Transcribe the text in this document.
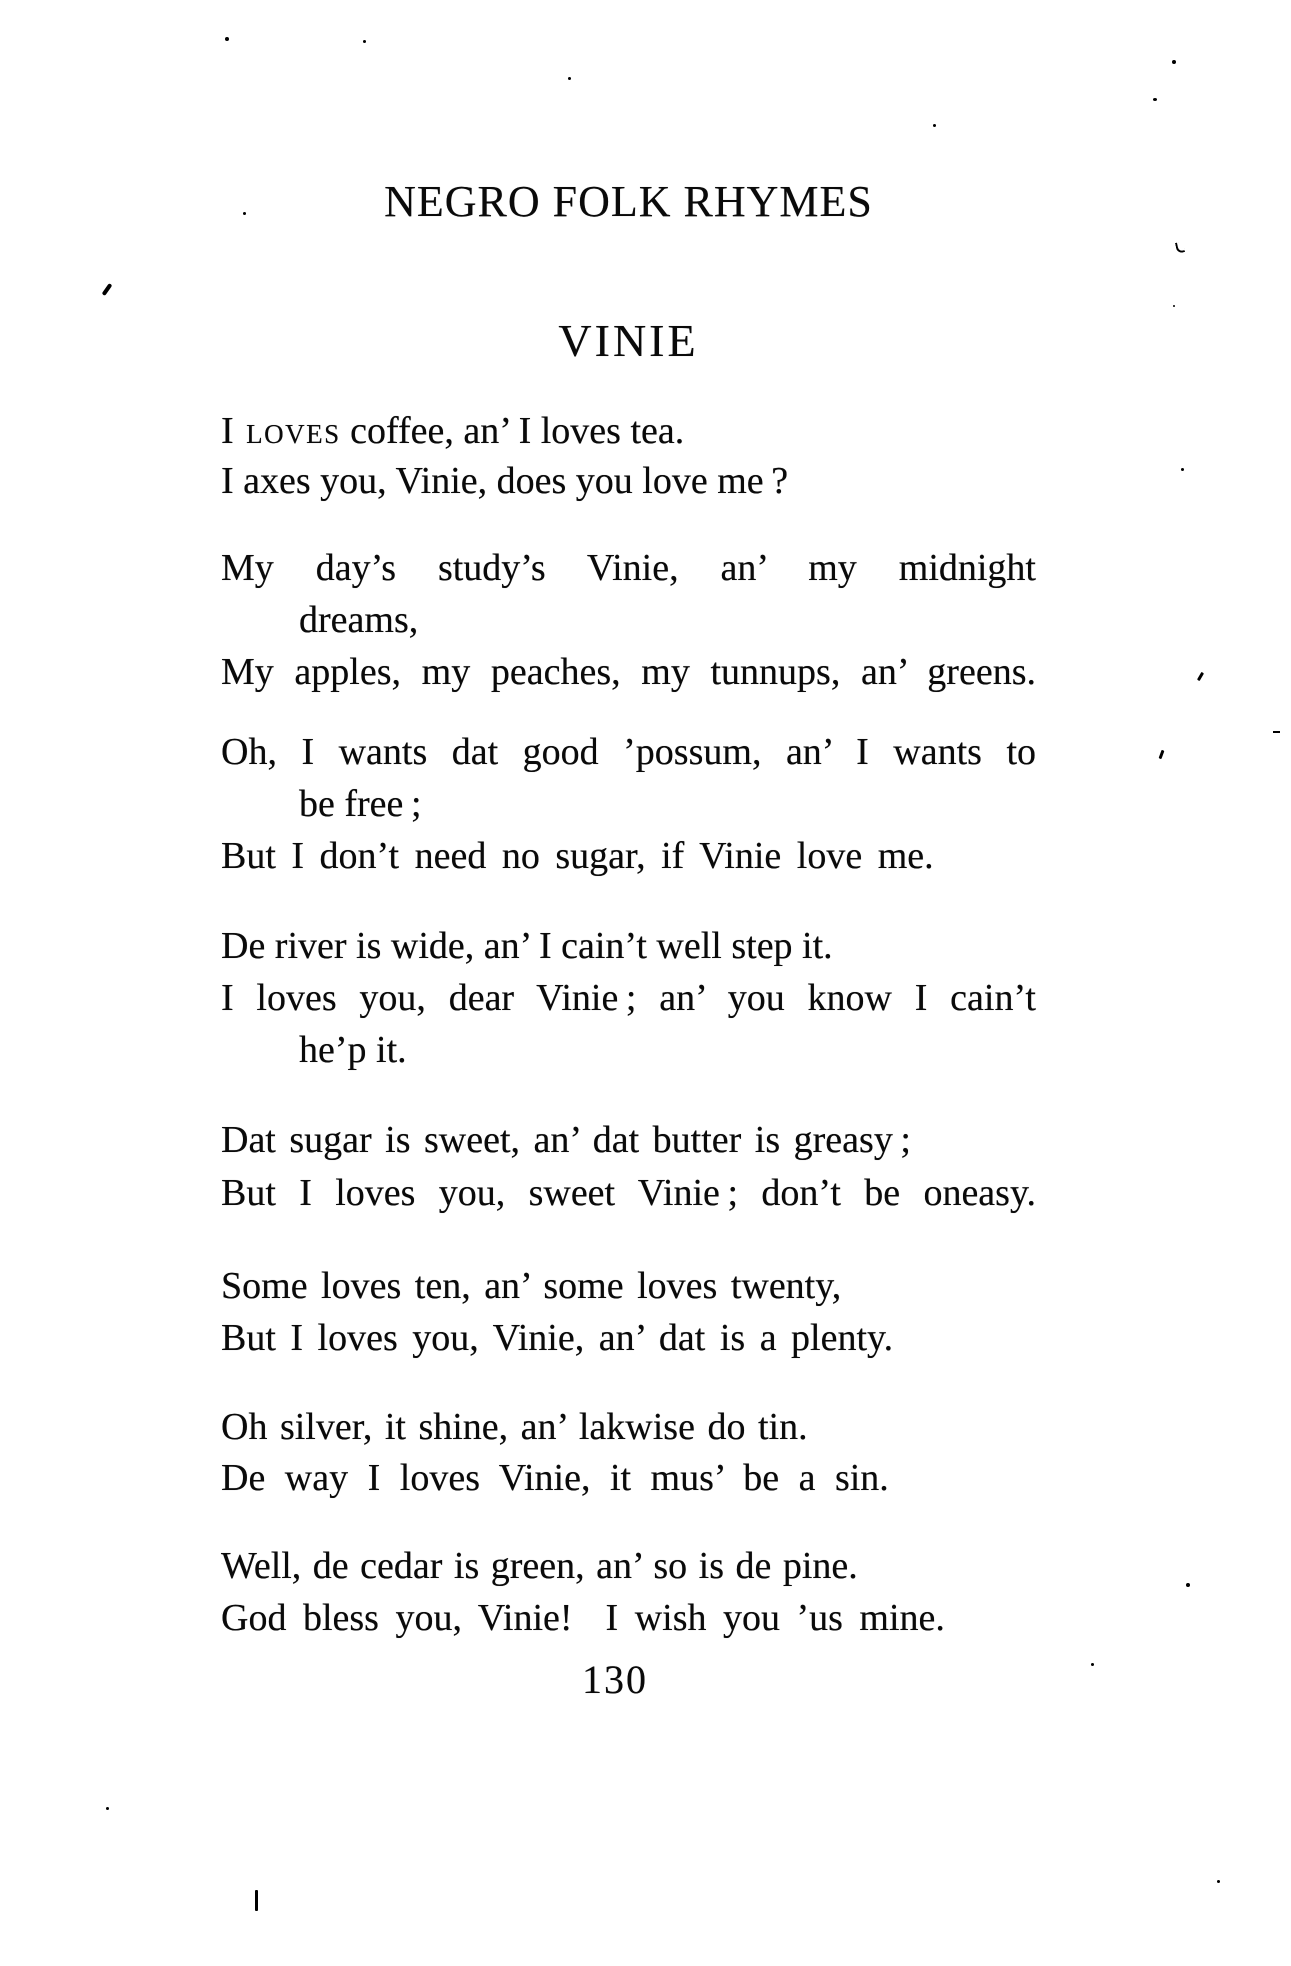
NEGRO FOLK RHYMES
VINIE
I loves coffee, an’ I loves tea.
I axes you, Vinie, does you love me ?
My day’s study’s Vinie, an’ my midnight
dreams,
My apples, my peaches, my tunnups, an’ greens.
Oh, I wants dat good ’possum, an’ I wants to
be free ;
But I don’t need no sugar, if Vinie love me.
De river is wide, an’ I cain’t well step it.
I loves you, dear Vinie ; an’ you know I cain’t
he’p it.
Dat sugar is sweet, an’ dat butter is greasy ;
But I loves you, sweet Vinie ; don’t be oneasy.
Some loves ten, an’ some loves twenty,
But I loves you, Vinie, an’ dat is a plenty.
Oh silver, it shine, an’ lakwise do tin.
De way I loves Vinie, it mus’ be a sin.
Well, de cedar is green, an’ so is de pine.
God bless you, Vinie!  I wish you ’us mine.
130
